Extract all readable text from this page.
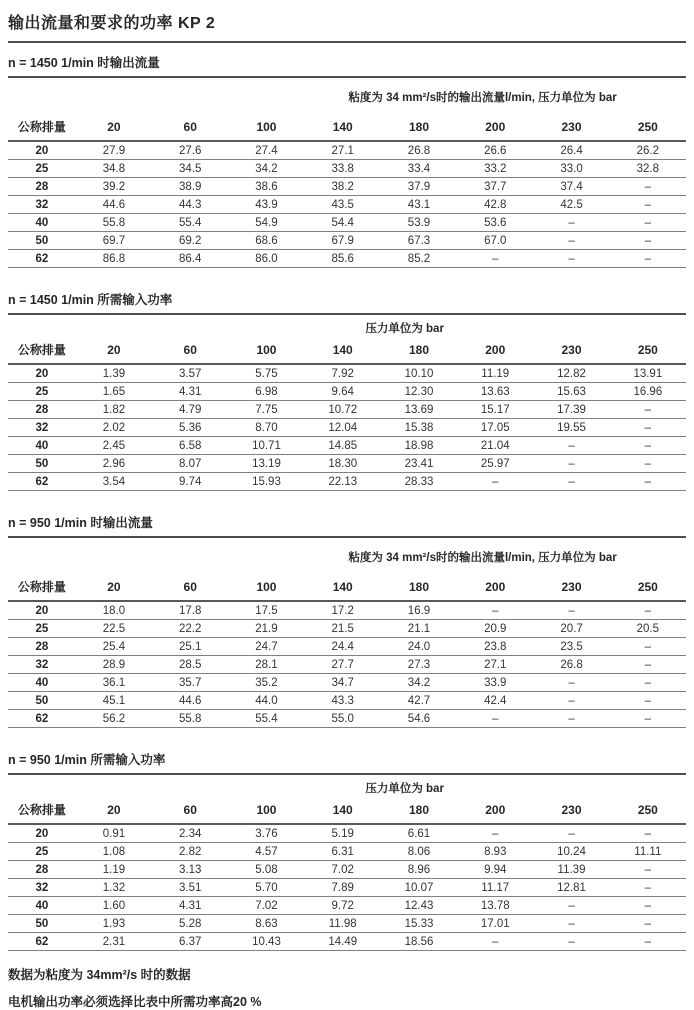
输出流量和要求的功率 KP 2
n = 1450 1/min 时输出流量
粘度为 34 mm²/s时的输出流量l/min, 压力单位为 bar
公称排量	20	60	100	140	180	200	230	250
20	27.9	27.6	27.4	27.1	26.8	26.6	26.4	26.2
25	34.8	34.5	34.2	33.8	33.4	33.2	33.0	32.8
28	39.2	38.9	38.6	38.2	37.9	37.7	37.4	–
32	44.6	44.3	43.9	43.5	43.1	42.8	42.5	–
40	55.8	55.4	54.9	54.4	53.9	53.6	–	–
50	69.7	69.2	68.6	67.9	67.3	67.0	–	–
62	86.8	86.4	86.0	85.6	85.2	–	–	–
n = 1450 1/min 所需输入功率
压力单位为 bar
公称排量	20	60	100	140	180	200	230	250
20	1.39	3.57	5.75	7.92	10.10	11.19	12.82	13.91
25	1.65	4.31	6.98	9.64	12.30	13.63	15.63	16.96
28	1.82	4.79	7.75	10.72	13.69	15.17	17.39	–
32	2.02	5.36	8.70	12.04	15.38	17.05	19.55	–
40	2.45	6.58	10.71	14.85	18.98	21.04	–	–
50	2.96	8.07	13.19	18.30	23.41	25.97	–	–
62	3.54	9.74	15.93	22.13	28.33	–	–	–
n = 950 1/min 时输出流量
粘度为 34 mm²/s时的输出流量l/min, 压力单位为 bar
公称排量	20	60	100	140	180	200	230	250
20	18.0	17.8	17.5	17.2	16.9	–	–	–
25	22.5	22.2	21.9	21.5	21.1	20.9	20.7	20.5
28	25.4	25.1	24.7	24.4	24.0	23.8	23.5	–
32	28.9	28.5	28.1	27.7	27.3	27.1	26.8	–
40	36.1	35.7	35.2	34.7	34.2	33.9	–	–
50	45.1	44.6	44.0	43.3	42.7	42.4	–	–
62	56.2	55.8	55.4	55.0	54.6	–	–	–
n = 950 1/min 所需输入功率
压力单位为 bar
公称排量	20	60	100	140	180	200	230	250
20	0.91	2.34	3.76	5.19	6.61	–	–	–
25	1.08	2.82	4.57	6.31	8.06	8.93	10.24	11.11
28	1.19	3.13	5.08	7.02	8.96	9.94	11.39	–
32	1.32	3.51	5.70	7.89	10.07	11.17	12.81	–
40	1.60	4.31	7.02	9.72	12.43	13.78	–	–
50	1.93	5.28	8.63	11.98	15.33	17.01	–	–
62	2.31	6.37	10.43	14.49	18.56	–	–	–

数据为粘度为 34mm²/s 时的数据

电机输出功率必须选择比表中所需功率高20 %
